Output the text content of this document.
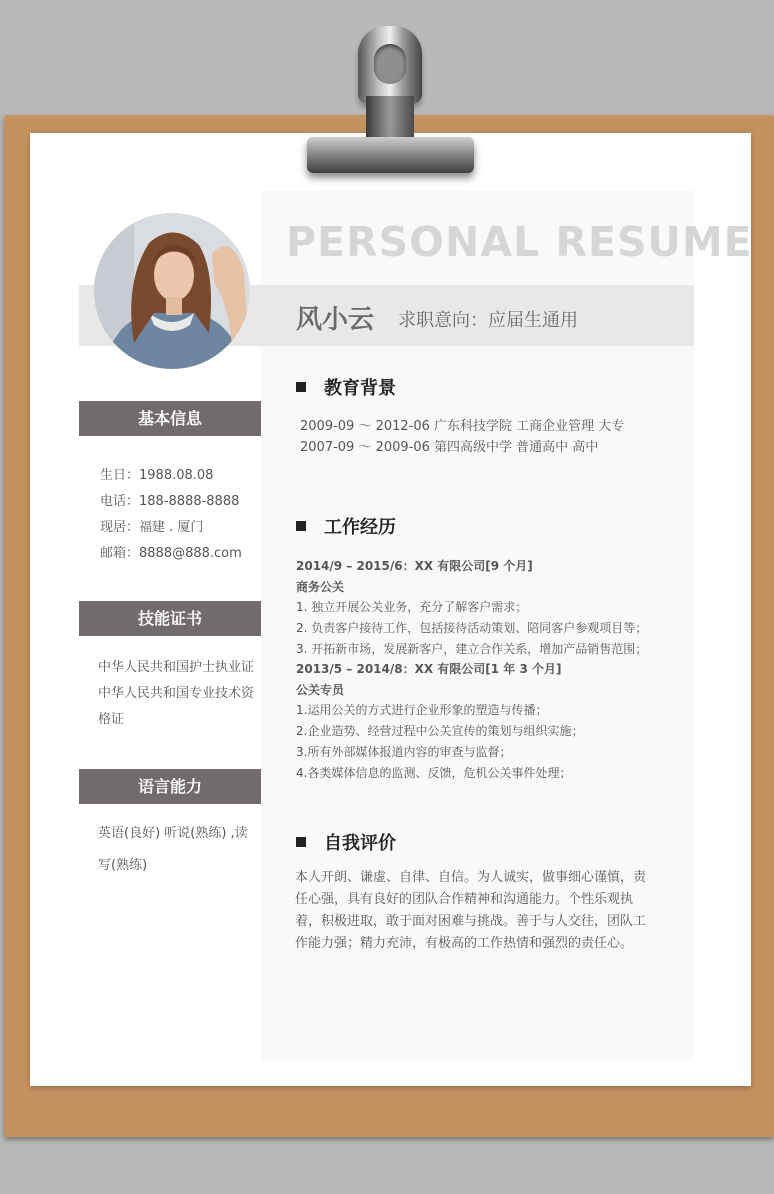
PERSONAL RESUME
风小云 求职意向：应届生通用
基本信息
生日：1988.08.08
电话：188-8888-8888
现居：福建 . 厦门
邮箱：8888@888.com
技能证书
中华人民共和国护士执业证 中华人民共和国专业技术资格证
语言能力
英语(良好) 听说(熟练) ,读写(熟练)
教育背景
2009-09 ～ 2012-06 广东科技学院 工商企业管理 大专
2007-09 ～ 2009-06 第四高级中学 普通高中 高中
工作经历
2014/9 – 2015/6：XX 有限公司[9 个月]
商务公关
1. 独立开展公关业务，充分了解客户需求；
2. 负责客户接待工作，包括接待活动策划、陪同客户参观项目等；
3. 开拓新市场，发展新客户，建立合作关系，增加产品销售范围；
2013/5 – 2014/8：XX 有限公司[1 年 3 个月]
公关专员
1.运用公关的方式进行企业形象的塑造与传播；
2.企业造势、经营过程中公关宣传的策划与组织实施；
3.所有外部媒体报道内容的审查与监督；
4.各类媒体信息的监测、反馈，危机公关事件处理；
自我评价
本人开朗、谦虚、自律、自信。为人诚实，做事细心谨慎，责任心强，具有良好的团队合作精神和沟通能力。个性乐观执着，积极进取，敢于面对困难与挑战。善于与人交往，团队工作能力强；精力充沛，有极高的工作热情和强烈的责任心。
